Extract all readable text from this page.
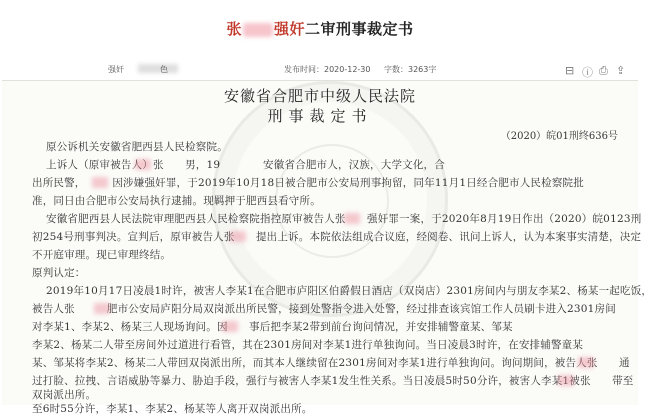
张 强奸二审刑事裁定书
强奸	色	发布时间：2020-12-30 字数：3263字	⊟ ⓘ ⎙ ⇪
安徽省合肥市中级人民法院
刑事裁定书
（2020）皖01刑终636号
原公诉机关安徽省肥西县人民检察院。
上诉人（原审被告人）张　　男，19　　　　安徽省合肥市人，汉族，大学文化，合
出所民警，　　　因涉嫌强奸罪，于2019年10月18日被合肥市公安局刑事拘留，同年11月1日经合肥市人民检察院批
准，同日由合肥市公安局执行逮捕。现羁押于肥西县看守所。
安徽省肥西县人民法院审理肥西县人民检察院指控原审被告人张　　强奸罪一案，于2020年8月19日作出（2020）皖0123刑
初254号刑事判决。宣判后，原审被告人张　　提出上诉。本院依法组成合议庭，经阅卷、讯问上诉人，认为本案事实清楚，决定
不开庭审理。现已审理终结。
原判认定：
2019年10月17日凌晨1时许，被害人李某1在合肥市庐阳区伯爵假日酒店（双岗店）2301房间内与朋友李某2、杨某一起吃饭，
被告人张　　　肥市公安局庐阳分局双岗派出所民警，接到处警指令进入处警，经过排查该宾馆工作人员刷卡进入2301房间
对李某1、李某2、杨某三人现场询问。因　　事后把李某2带到前台询问情况，并安排辅警童某、邹某
李某2、杨某二人带至房间外过道进行看管，其在2301房间对李某1进行单独询问。当日凌晨3时许，在安排辅警童某
某、邹某将李某2、杨某二人带回双岗派出所，而其本人继续留在2301房间对李某1进行单独询问。询问期间，被告人张　　通
过打脸、拉拽、言语威胁等暴力、胁迫手段，强行与被害人李某1发生性关系。当日凌晨5时50分许，被害人李某1被张　　带至
双岗派出所。
至6时55分许，李某1、李某2、杨某等人离开双岗派出所。
